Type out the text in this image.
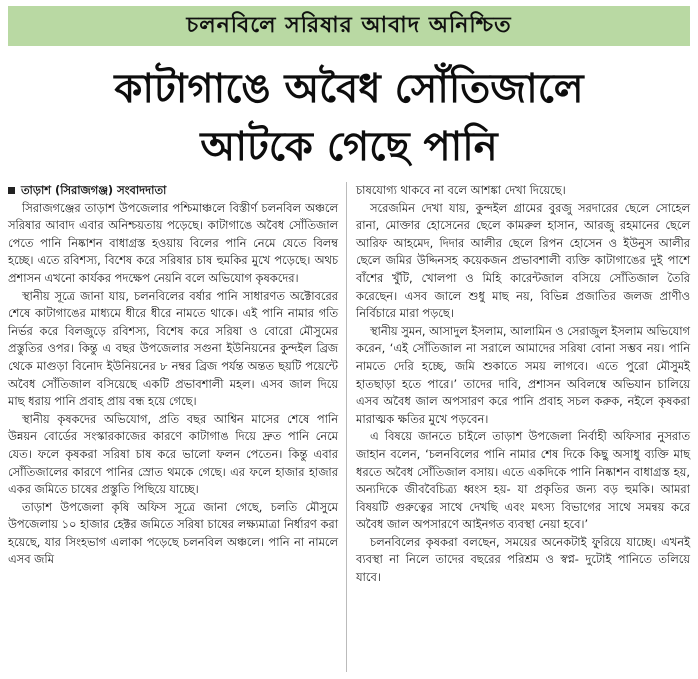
চলনবিলে সরিষার আবাদ অনিশ্চিত
কাটাগাঙে অবৈধ সোঁতিজালে
আটকে গেছে পানি

তাড়াশ (সিরাজগঞ্জ) সংবাদদাতা

সিরাজগঞ্জের তাড়াশ উপজেলার পশ্চিমাঞ্চলে বিস্তীর্ণ চলনবিল অঞ্চলে সরিষার আবাদ এবার অনিশ্চয়তায় পড়েছে। কাটাগাঙে অবৈধ সোঁতিজাল পেতে পানি নিষ্কাশন বাধাগ্রস্ত হওয়ায় বিলের পানি নেমে যেতে বিলম্ব হচ্ছে। এতে রবিশস্য, বিশেষ করে সরিষার চাষ হুমকির মুখে পড়েছে। অথচ প্রশাসন এখনো কার্যকর পদক্ষেপ নেয়নি বলে অভিযোগ কৃষকদের।

স্থানীয় সূত্রে জানা যায়, চলনবিলের বর্ষার পানি সাধারণত অক্টোবরের শেষে কাটাগাঙের মাধ্যমে ধীরে ধীরে নামতে থাকে। এই পানি নামার গতি নির্ভর করে বিলজুড়ে রবিশস্য, বিশেষ করে সরিষা ও বোরো মৌসুমের প্রস্তুতির ওপর। কিন্তু এ বছর উপজেলার সগুনা ইউনিয়নের কুন্দইল ব্রিজ থেকে মাগুড়া বিনোদ ইউনিয়নের ৮ নম্বর ব্রিজ পর্যন্ত অন্তত ছয়টি পয়েন্টে অবৈধ সোঁতিজাল বসিয়েছে একটি প্রভাবশালী মহল। এসব জাল দিয়ে মাছ ধরায় পানি প্রবাহ প্রায় বন্ধ হয়ে গেছে।

স্থানীয় কৃষকদের অভিযোগ, প্রতি বছর আশ্বিন মাসের শেষে পানি উন্নয়ন বোর্ডের সংস্কারকাজের কারণে কাটাগাঙ দিয়ে দ্রুত পানি নেমে যেত। ফলে কৃষকরা সরিষা চাষ করে ভালো ফলন পেতেন। কিন্তু এবার সোঁতিজালের কারণে পানির স্রোত থমকে গেছে। এর ফলে হাজার হাজার একর জমিতে চাষের প্রস্তুতি পিছিয়ে যাচ্ছে।

তাড়াশ উপজেলা কৃষি অফিস সূত্রে জানা গেছে, চলতি মৌসুমে উপজেলায় ১০ হাজার হেক্টর জমিতে সরিষা চাষের লক্ষ্যমাত্রা নির্ধারণ করা হয়েছে, যার সিংহভাগ এলাকা পড়েছে চলনবিল অঞ্চলে। পানি না নামলে এসব জমি

চাষযোগ্য থাকবে না বলে আশঙ্কা দেখা দিয়েছে।

সরেজমিন দেখা যায়, কুন্দইল গ্রামের বুরজু সরদারের ছেলে সোহেল রানা, মোক্তার হোসেনের ছেলে কামরুল হাসান, আরজু রহমানের ছেলে আরিফ আহমেদ, দিদার আলীর ছেলে রিপন হোসেন ও ইউনুস আলীর ছেলে জমির উদ্দিনসহ কয়েকজন প্রভাবশালী ব্যক্তি কাটাগাঙের দুই পাশে বাঁশের খুঁটি, খোলপা ও মিহি কারেন্টজাল বসিয়ে সোঁতিজাল তৈরি করেছেন। এসব জালে শুধু মাছ নয়, বিভিন্ন প্রজাতির জলজ প্রাণীও নির্বিচারে মারা পড়ছে।

স্থানীয় সুমন, আসাদুল ইসলাম, আলামিন ও সেরাজুল ইসলাম অভিযোগ করেন, ‘এই সোঁতিজাল না সরালে আমাদের সরিষা বোনা সম্ভব নয়। পানি নামতে দেরি হচ্ছে, জমি শুকাতে সময় লাগবে। এতে পুরো মৌসুমই হাতছাড়া হতে পারে।’ তাদের দাবি, প্রশাসন অবিলম্বে অভিযান চালিয়ে এসব অবৈধ জাল অপসারণ করে পানি প্রবাহ সচল করুক, নইলে কৃষকরা মারাত্মক ক্ষতির মুখে পড়বেন।

এ বিষয়ে জানতে চাইলে তাড়াশ উপজেলা নির্বাহী অফিসার নুসরাত জাহান বলেন, ‘চলনবিলের পানি নামার শেষ দিকে কিছু অসাধু ব্যক্তি মাছ ধরতে অবৈধ সোঁতিজাল বসায়। এতে একদিকে পানি নিষ্কাশন বাধাগ্রস্ত হয়, অন্যদিকে জীববৈচিত্র্য ধ্বংস হয়- যা প্রকৃতির জন্য বড় হুমকি। আমরা বিষয়টি গুরুত্বের সাথে দেখছি এবং মৎস্য বিভাগের সাথে সমন্বয় করে অবৈধ জাল অপসারণে আইনগত ব্যবস্থা নেয়া হবে।’

চলনবিলের কৃষকরা বলছেন, সময়ের অনেকটাই ফুরিয়ে যাচ্ছে। এখনই ব্যবস্থা না নিলে তাদের বছরের পরিশ্রম ও স্বপ্ন- দুটোই পানিতে তলিয়ে যাবে।
